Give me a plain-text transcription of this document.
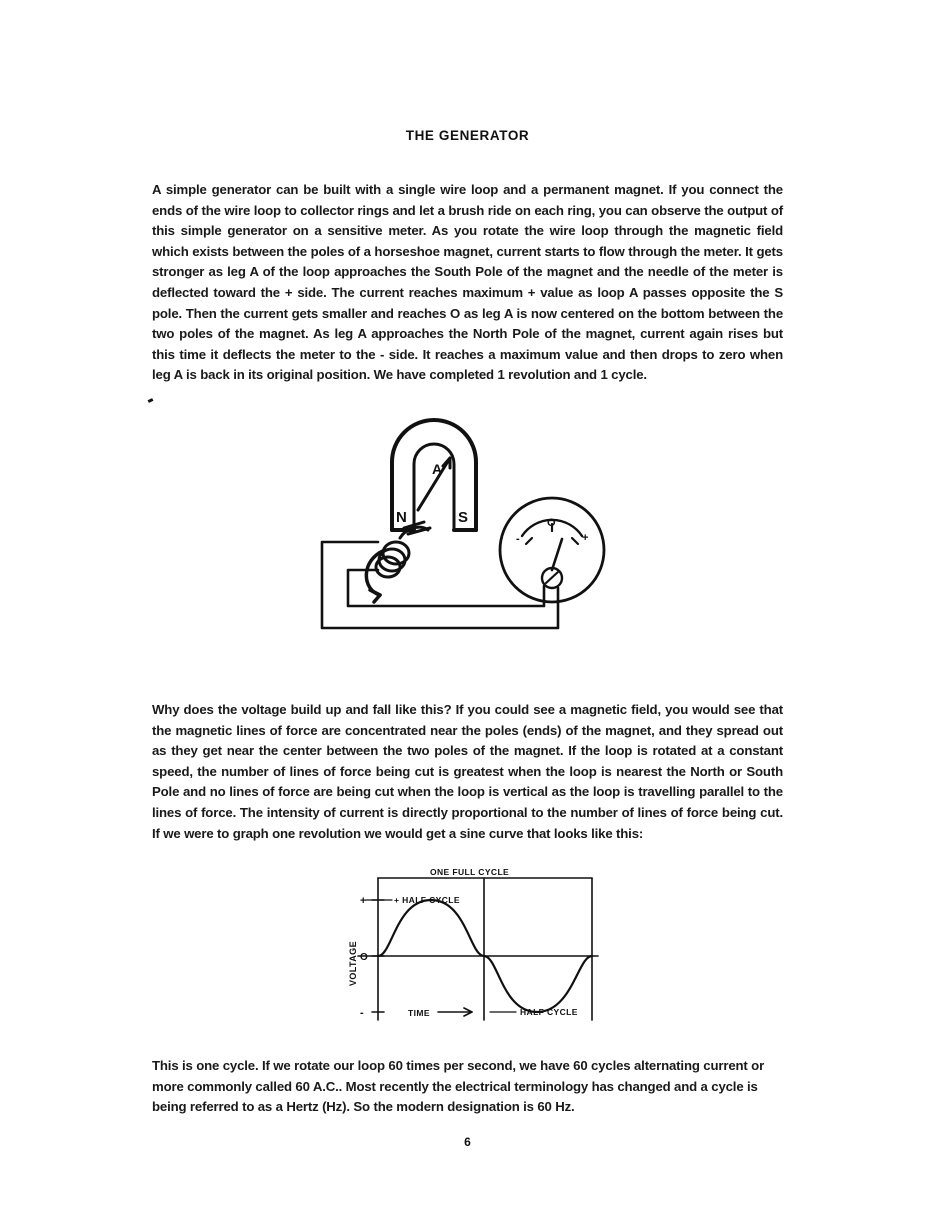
THE GENERATOR
A simple generator can be built with a single wire loop and a permanent magnet. If you connect the ends of the wire loop to collector rings and let a brush ride on each ring, you can observe the output of this simple generator on a sensitive meter. As you rotate the wire loop through the magnetic field which exists between the poles of a horseshoe magnet, current starts to flow through the meter. It gets stronger as leg A of the loop approaches the South Pole of the magnet and the needle of the meter is deflected toward the + side. The current reaches maximum + value as loop A passes opposite the S pole. Then the current gets smaller and reaches O as leg A is now centered on the bottom between the two poles of the magnet. As leg A approaches the North Pole of the magnet, current again rises but this time it deflects the meter to the - side. It reaches a maximum value and then drops to zero when leg A is back in its original position. We have completed 1 revolution and 1 cycle.
N	S
A
O
-	+
Why does the voltage build up and fall like this? If you could see a magnetic field, you would see that the magnetic lines of force are concentrated near the poles (ends) of the magnet, and they spread out as they get near the center between the two poles of the magnet. If the loop is rotated at a constant speed, the number of lines of force being cut is greatest when the loop is nearest the North or South Pole and no lines of force are being cut when the loop is vertical as the loop is travelling parallel to the lines of force. The intensity of current is directly proportional to the number of lines of force being cut. If we were to graph one revolution we would get a sine curve that looks like this:
ONE FULL CYCLE
+ HALF CYCLE
HALF CYCLE
TIME
+
O
-
VOLTAGE
This is one cycle. If we rotate our loop 60 times per second, we have 60 cycles alternating current or more commonly called 60 A.C.. Most recently the electrical terminology has changed and a cycle is being referred to as a Hertz (Hz). So the modern designation is 60 Hz.
6
